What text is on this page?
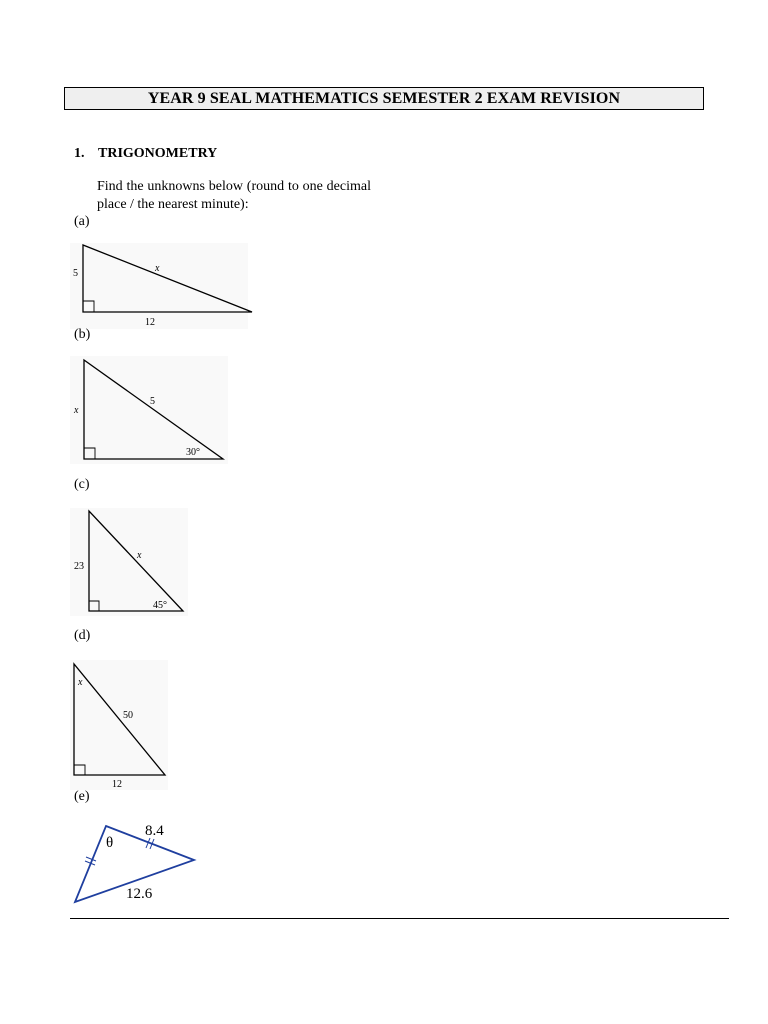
YEAR 9 SEAL MATHEMATICS SEMESTER 2 EXAM REVISION
1. TRIGONOMETRY
Find the unknowns below (round to one decimal place / the nearest minute):
(a)
5	x
12
(b)
x
5
30°
(c)
23
x
45°
(d)
x
50
12
(e)
θ
8.4
12.6
